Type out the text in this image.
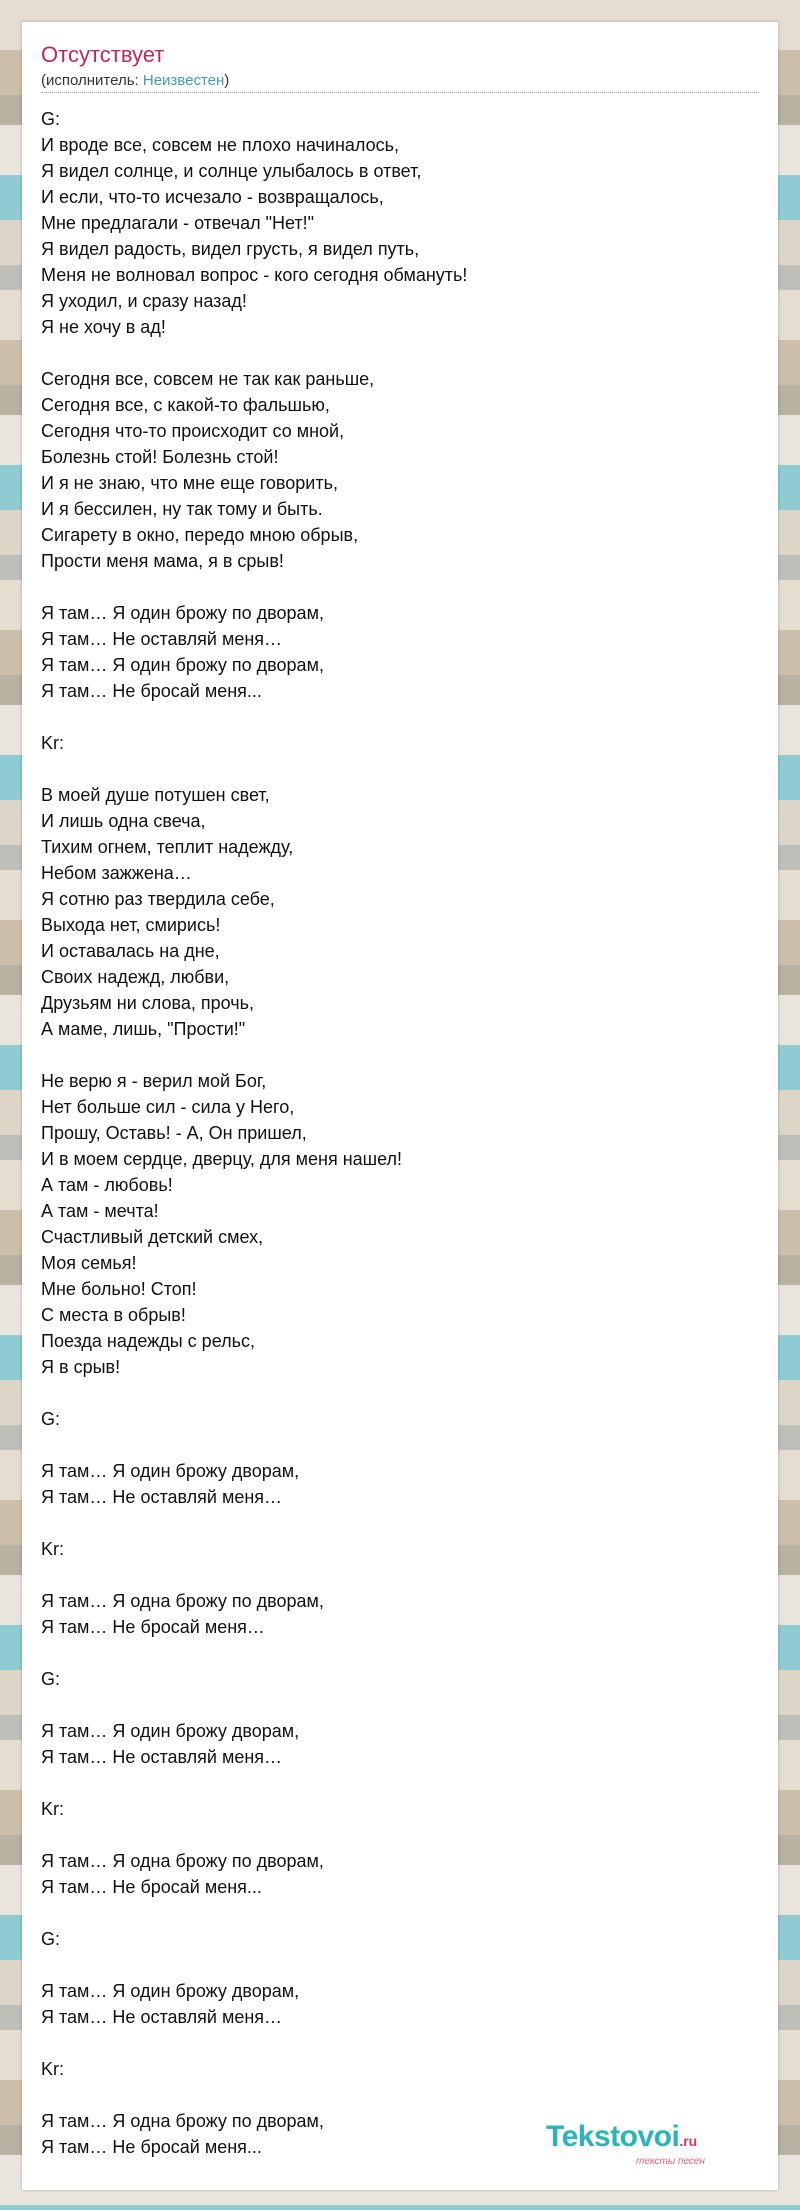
Отсутствует
(исполнитель: Неизвестен)
G:
И вроде все, совсем не плохо начиналось,
Я видел солнце, и солнце улыбалось в ответ,
И если, что-то исчезало - возвращалось,
Мне предлагали - отвечал "Нет!"
Я видел радость, видел грусть, я видел путь,
Меня не волновал вопрос - кого сегодня обмануть!
Я уходил, и сразу назад!
Я не хочу в ад!
Сегодня все, совсем не так как раньше,
Сегодня все, с какой-то фальшью,
Сегодня что-то происходит со мной,
Болезнь стой! Болезнь стой!
И я не знаю, что мне еще говорить,
И я бессилен, ну так тому и быть.
Сигарету в окно, передо мною обрыв,
Прости меня мама, я в срыв!
Я там… Я один брожу по дворам,
Я там… Не оставляй меня…
Я там… Я один брожу по дворам,
Я там… Не бросай меня...
Kr:
В моей душе потушен свет,
И лишь одна свеча,
Тихим огнем, теплит надежду,
Небом зажжена…
Я сотню раз твердила себе,
Выхода нет, смирись!
И оставалась на дне,
Своих надежд, любви,
Друзьям ни слова, прочь,
А маме, лишь, "Прости!"
Не верю я - верил мой Бог,
Нет больше сил - сила у Него,
Прошу, Оставь! - А, Он пришел,
И в моем сердце, дверцу, для меня нашел!
А там - любовь!
А там - мечта!
Счастливый детский смех,
Моя семья!
Мне больно! Стоп!
С места в обрыв!
Поезда надежды с рельс,
Я в срыв!
G:
Я там… Я один брожу дворам,
Я там… Не оставляй меня…
Kr:
Я там… Я одна брожу по дворам,
Я там… Не бросай меня…
G:
Я там… Я один брожу дворам,
Я там… Не оставляй меня…
Kr:
Я там… Я одна брожу по дворам,
Я там… Не бросай меня...
G:
Я там… Я один брожу дворам,
Я там… Не оставляй меня…
Kr:
Я там… Я одна брожу по дворам,
Я там… Не бросай меня...	Tekstovoi.ru
тексты песен
